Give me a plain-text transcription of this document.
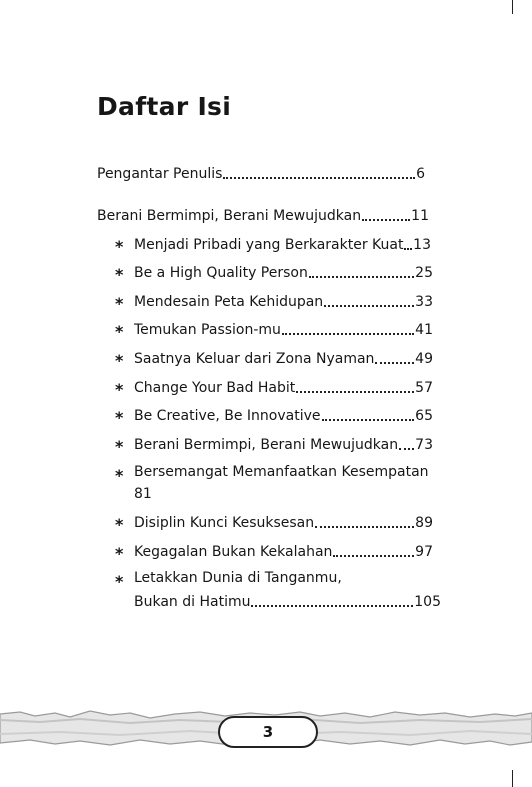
Daftar Isi
Pengantar Penulis	6
Berani Bermimpi, Berani Mewujudkan	11
* Menjadi Pribadi yang Berkarakter Kuat 13
* Be a High Quality Person	25
* Mendesain Peta Kehidupan	33
* Temukan Passion-mu	41
* Saatnya Keluar dari Zona Nyaman	49
* Change Your Bad Habit	57
* Be Creative, Be Innovative	65
* Berani Bermimpi, Berani Mewujudkan 73
* Bersemangat Memanfaatkan Kesempatan
81
* Disiplin Kunci Kesuksesan	89
* Kegagalan Bukan Kekalahan	97
* Letakkan Dunia di Tanganmu,
Bukan di Hatimu	105
3
